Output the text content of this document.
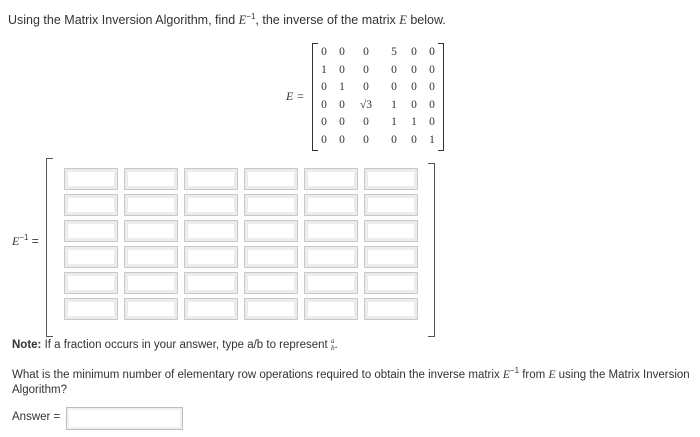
Using the Matrix Inversion Algorithm, find $E^{-1}$, the inverse of the matrix E below.
E =
0	0	0	5	0	0
1	0	0	0	0	0
0	1	0	0	0	0
0	0	√3	1	0	0
0	0	0	1	1	0
0	0	0	0	0	1
$E^{-1}$ =
Note: If a fraction occurs in your answer, type a/b to represent a
b.
What is the minimum number of elementary row operations required to obtain the inverse matrix $E^{-1}$ from E using the Matrix Inversion
Algorithm?
Answer =
